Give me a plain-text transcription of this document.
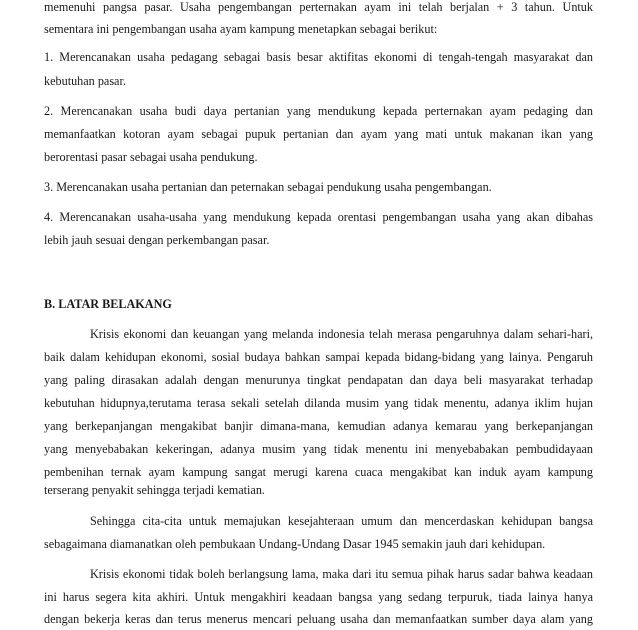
memenuhi pangsa pasar. Usaha pengembangan perternakan ayam ini telah berjalan + 3 tahun. Untuk
sementara ini pengembangan usaha ayam kampung menetapkan sebagai berikut:
1. Merencanakan usaha pedagang sebagai basis besar aktifitas ekonomi di tengah-tengah masyarakat dan
kebutuhan pasar.
2. Merencanakan usaha budi daya pertanian yang mendukung kepada perternakan ayam pedaging dan
memanfaatkan kotoran ayam sebagai pupuk pertanian dan ayam yang mati untuk makanan ikan yang
berorentasi pasar sebagai usaha pendukung.
3. Merencanakan usaha pertanian dan peternakan sebagai pendukung usaha pengembangan.
4. Merencanakan usaha-usaha yang mendukung kepada orentasi pengembangan usaha yang akan dibahas
lebih jauh sesuai dengan perkembangan pasar.
B. LATAR BELAKANG
Krisis ekonomi dan keuangan yang melanda indonesia telah merasa pengaruhnya dalam sehari-hari,
baik dalam kehidupan ekonomi, sosial budaya bahkan sampai kepada bidang-bidang yang lainya. Pengaruh
yang paling dirasakan adalah dengan menurunya tingkat pendapatan dan daya beli masyarakat terhadap
kebutuhan hidupnya,terutama terasa sekali setelah dilanda musim yang tidak menentu, adanya iklim hujan
yang berkepanjangan mengakibat banjir dimana-mana, kemudian adanya kemarau yang berkepanjangan
yang menyebabakan kekeringan, adanya musim yang tidak menentu ini menyebabakan pembudidayaan
pembenihan ternak ayam kampung sangat merugi karena cuaca mengakibat kan induk ayam kampung
terserang penyakit sehingga terjadi kematian.
Sehingga cita-cita untuk memajukan kesejahteraan umum dan mencerdaskan kehidupan bangsa
sebagaimana diamanatkan oleh pembukaan Undang-Undang Dasar 1945 semakin jauh dari kehidupan.
Krisis ekonomi tidak boleh berlangsung lama, maka dari itu semua pihak harus sadar bahwa keadaan
ini harus segera kita akhiri. Untuk mengakhiri keadaan bangsa yang sedang terpuruk, tiada lainya hanya
dengan bekerja keras dan terus menerus mencari peluang usaha dan memanfaatkan sumber daya alam yang
